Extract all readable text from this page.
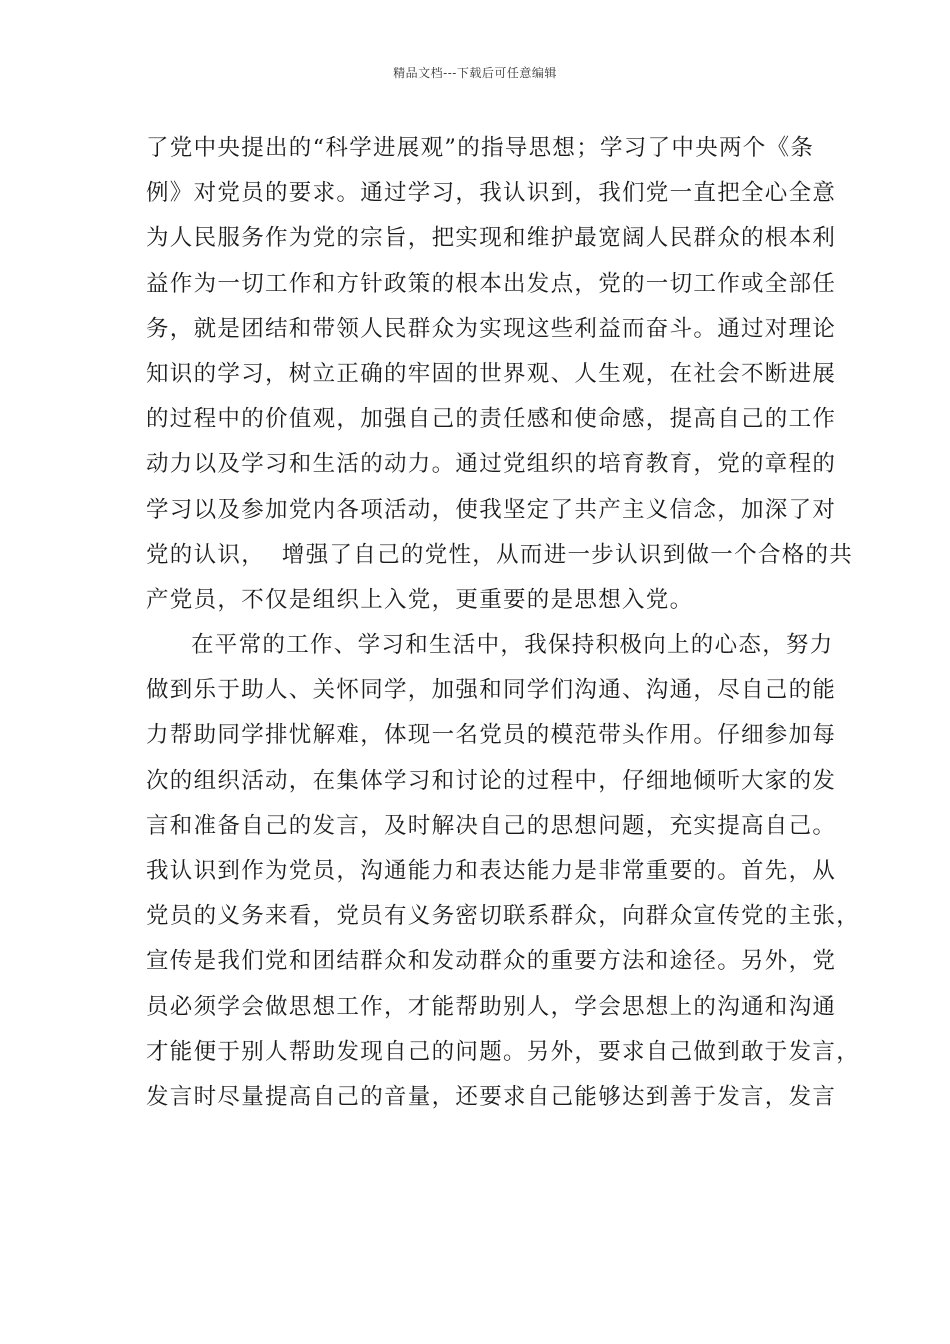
精品文档---下载后可任意编辑
了党中央提出的“科学进展观”的指导思想；学习了中央两个《条
例》对党员的要求。通过学习，我认识到，我们党一直把全心全意
为人民服务作为党的宗旨，把实现和维护最宽阔人民群众的根本利
益作为一切工作和方针政策的根本出发点，党的一切工作或全部任
务，就是团结和带领人民群众为实现这些利益而奋斗。通过对理论
知识的学习，树立正确的牢固的世界观、人生观，在社会不断进展
的过程中的价值观，加强自己的责任感和使命感，提高自己的工作
动力以及学习和生活的动力。通过党组织的培育教育，党的章程的
学习以及参加党内各项活动，使我坚定了共产主义信念，加深了对
党的认识，  增强了自己的党性，从而进一步认识到做一个合格的共
产党员，不仅是组织上入党，更重要的是思想入党。
在平常的工作、学习和生活中，我保持积极向上的心态，努力
做到乐于助人、关怀同学，加强和同学们沟通、沟通，尽自己的能
力帮助同学排忧解难，体现一名党员的模范带头作用。仔细参加每
次的组织活动，在集体学习和讨论的过程中，仔细地倾听大家的发
言和准备自己的发言，及时解决自己的思想问题，充实提高自己。
我认识到作为党员，沟通能力和表达能力是非常重要的。首先，从
党员的义务来看，党员有义务密切联系群众，向群众宣传党的主张，
宣传是我们党和团结群众和发动群众的重要方法和途径。另外，党
员必须学会做思想工作，才能帮助别人，学会思想上的沟通和沟通
才能便于别人帮助发现自己的问题。另外，要求自己做到敢于发言，
发言时尽量提高自己的音量，还要求自己能够达到善于发言，发言
